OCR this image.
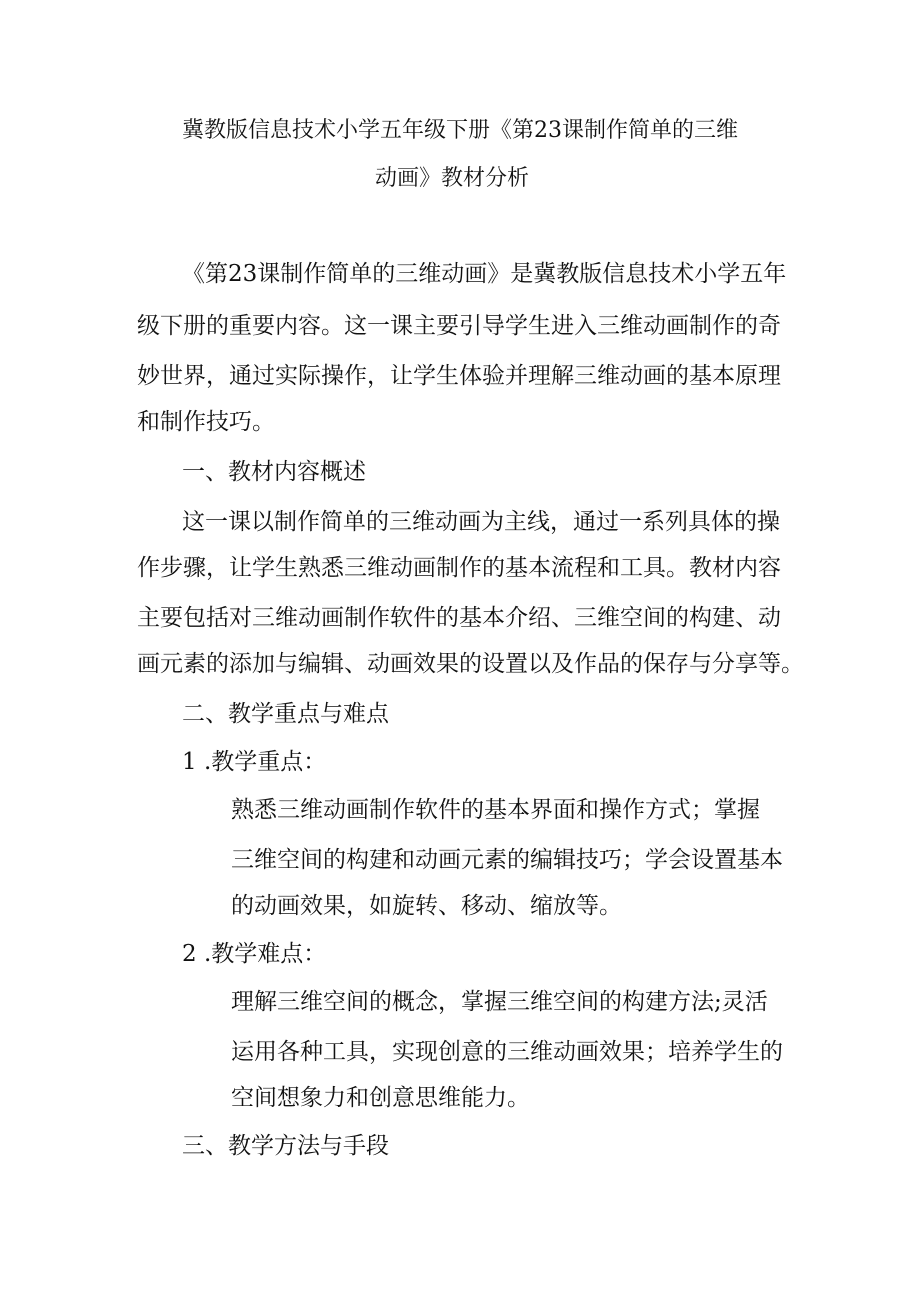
冀教版信息技术小学五年级下册《第23课制作简单的三维
动画》教材分析
《第23课制作简单的三维动画》是冀教版信息技术小学五年
级下册的重要内容。这一课主要引导学生进入三维动画制作的奇
妙世界，通过实际操作，让学生体验并理解三维动画的基本原理
和制作技巧。
一、教材内容概述
这一课以制作简单的三维动画为主线，通过一系列具体的操
作步骤，让学生熟悉三维动画制作的基本流程和工具。教材内容
主要包括对三维动画制作软件的基本介绍、三维空间的构建、动
画元素的添加与编辑、动画效果的设置以及作品的保存与分享等。
二、教学重点与难点
1 .教学重点：
熟悉三维动画制作软件的基本界面和操作方式；掌握
三维空间的构建和动画元素的编辑技巧；学会设置基本
的动画效果，如旋转、移动、缩放等。
2 .教学难点：
理解三维空间的概念，掌握三维空间的构建方法;灵活
运用各种工具，实现创意的三维动画效果；培养学生的
空间想象力和创意思维能力。
三、教学方法与手段
